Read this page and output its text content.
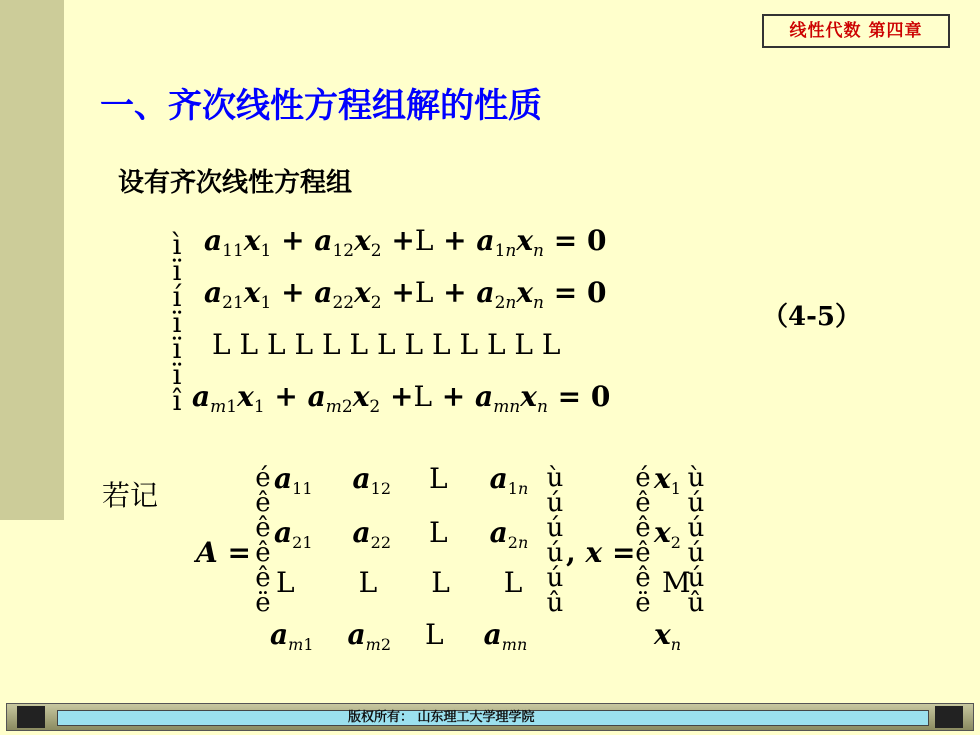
线性代数 第四章
一、齐次线性方程组解的性质
设有齐次线性方程组
ì
ï
í
ï
ï
ï
î
$a_{11}x_1 + a_{12}x_2 +L + a_{1n}x_n = 0$
$a_{21}x_1 + a_{22}x_2 +L + a_{2n}x_n = 0$
L L L L L L L L L L L L L
$a_{m1}x_1 + a_{m2}x_2 +L + a_{mn}x_n = 0$
（4-5）
若记
A =
é
ê
ê
ê
ê
ë
$a_{11}$ $a_{12}$ L $a_{1n}$
$a_{21}$ $a_{22}$ L $a_{2n}$
L L L L
$a_{m1}$ $a_{m2}$ L $a_{mn}$
ù
ú
ú
ú
ú
û
, x =
é
ê
ê
ê
ê
ë
$x_1$
$x_2$
M
$x_n$
ù
ú
ú
ú
ú
û
版权所有： 山东理工大学理学院
